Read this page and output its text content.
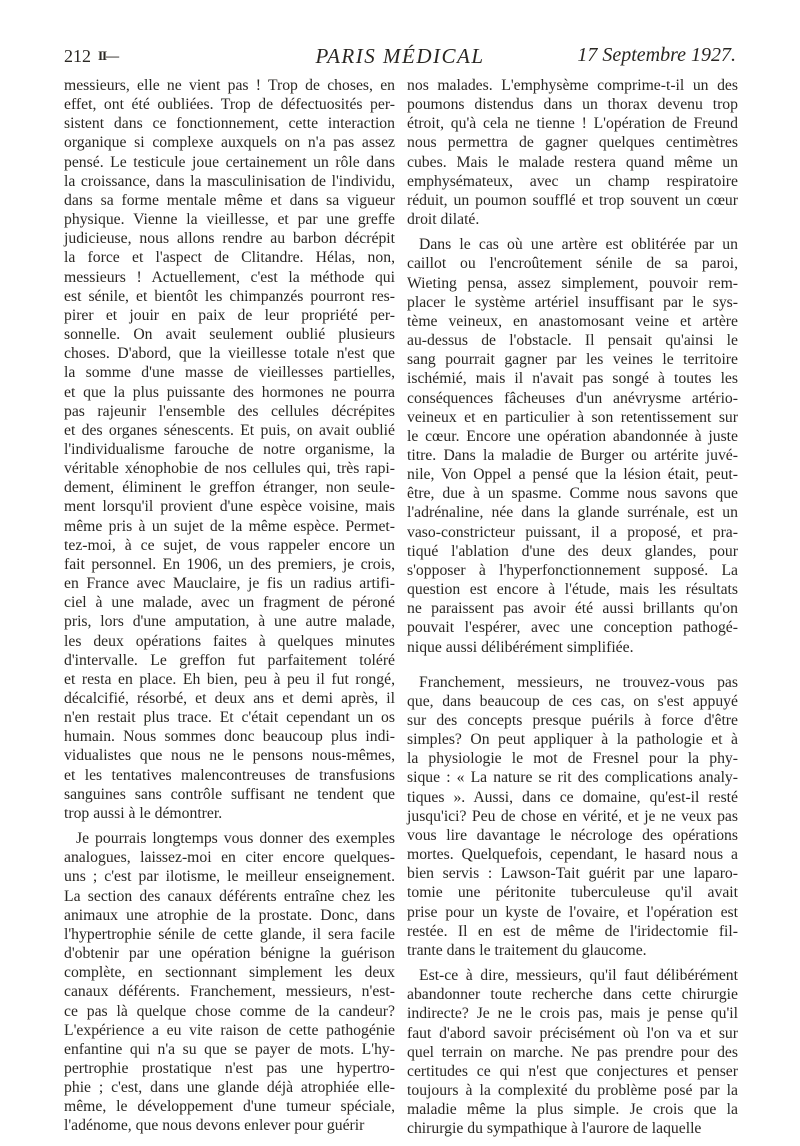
212 II—	PARIS MÉDICAL	17 Septembre 1927.

messieurs, elle ne vient pas ! Trop de choses, en
effet, ont été oubliées. Trop de défectuosités per-
sistent dans ce fonctionnement, cette interaction
organique si complexe auxquels on n'a pas assez
pensé. Le testicule joue certainement un rôle dans
la croissance, dans la masculinisation de l'individu,
dans sa forme mentale même et dans sa vigueur
physique. Vienne la vieillesse, et par une greffe
judicieuse, nous allons rendre au barbon décrépit
la force et l'aspect de Clitandre. Hélas, non,
messieurs ! Actuellement, c'est la méthode qui
est sénile, et bientôt les chimpanzés pourront res-
pirer et jouir en paix de leur propriété per-
sonnelle. On avait seulement oublié plusieurs
choses. D'abord, que la vieillesse totale n'est que
la somme d'une masse de vieillesses partielles,
et que la plus puissante des hormones ne pourra
pas rajeunir l'ensemble des cellules décrépites
et des organes sénescents. Et puis, on avait oublié
l'individualisme farouche de notre organisme, la
véritable xénophobie de nos cellules qui, très rapi-
dement, éliminent le greffon étranger, non seule-
ment lorsqu'il provient d'une espèce voisine, mais
même pris à un sujet de la même espèce. Permet-
tez-moi, à ce sujet, de vous rappeler encore un
fait personnel. En 1906, un des premiers, je crois,
en France avec Mauclaire, je fis un radius artifi-
ciel à une malade, avec un fragment de péroné
pris, lors d'une amputation, à une autre malade,
les deux opérations faites à quelques minutes
d'intervalle. Le greffon fut parfaitement toléré
et resta en place. Eh bien, peu à peu il fut rongé,
décalcifié, résorbé, et deux ans et demi après, il
n'en restait plus trace. Et c'était cependant un os
humain. Nous sommes donc beaucoup plus indi-
vidualistes que nous ne le pensons nous-mêmes,
et les tentatives malencontreuses de transfusions
sanguines sans contrôle suffisant ne tendent que
trop aussi à le démontrer.

Je pourrais longtemps vous donner des exemples
analogues, laissez-moi en citer encore quelques-
uns ; c'est par ilotisme, le meilleur enseignement.
La section des canaux déférents entraîne chez les
animaux une atrophie de la prostate. Donc, dans
l'hypertrophie sénile de cette glande, il sera facile
d'obtenir par une opération bénigne la guérison
complète, en sectionnant simplement les deux
canaux déférents. Franchement, messieurs, n'est-
ce pas là quelque chose comme de la candeur?
L'expérience a eu vite raison de cette pathogénie
enfantine qui n'a su que se payer de mots. L'hy-
pertrophie prostatique n'est pas une hypertro-
phie ; c'est, dans une glande déjà atrophiée elle-
même, le développement d'une tumeur spéciale,
l'adénome, que nous devons enlever pour guérir

nos malades. L'emphysème comprime-t-il un des
poumons distendus dans un thorax devenu trop
étroit, qu'à cela ne tienne ! L'opération de Freund
nous permettra de gagner quelques centimètres
cubes. Mais le malade restera quand même un
emphysémateux, avec un champ respiratoire
réduit, un poumon soufflé et trop souvent un cœur
droit dilaté.

Dans le cas où une artère est oblitérée par un
caillot ou l'encroûtement sénile de sa paroi,
Wieting pensa, assez simplement, pouvoir rem-
placer le système artériel insuffisant par le sys-
tème veineux, en anastomosant veine et artère
au-dessus de l'obstacle. Il pensait qu'ainsi le
sang pourrait gagner par les veines le territoire
ischémié, mais il n'avait pas songé à toutes les
conséquences fâcheuses d'un anévrysme artério-
veineux et en particulier à son retentissement sur
le cœur. Encore une opération abandonnée à juste
titre. Dans la maladie de Burger ou artérite juvé-
nile, Von Oppel a pensé que la lésion était, peut-
être, due à un spasme. Comme nous savons que
l'adrénaline, née dans la glande surrénale, est un
vaso-constricteur puissant, il a proposé, et pra-
tiqué l'ablation d'une des deux glandes, pour
s'opposer à l'hyperfonctionnement supposé. La
question est encore à l'étude, mais les résultats
ne paraissent pas avoir été aussi brillants qu'on
pouvait l'espérer, avec une conception pathogé-
nique aussi délibérément simplifiée.

Franchement, messieurs, ne trouvez-vous pas
que, dans beaucoup de ces cas, on s'est appuyé
sur des concepts presque puérils à force d'être
simples? On peut appliquer à la pathologie et à
la physiologie le mot de Fresnel pour la phy-
sique : « La nature se rit des complications analy-
tiques ». Aussi, dans ce domaine, qu'est-il resté
jusqu'ici? Peu de chose en vérité, et je ne veux pas
vous lire davantage le nécrologe des opérations
mortes. Quelquefois, cependant, le hasard nous a
bien servis : Lawson-Tait guérit par une laparo-
tomie une péritonite tuberculeuse qu'il avait
prise pour un kyste de l'ovaire, et l'opération est
restée. Il en est de même de l'iridectomie fil-
trante dans le traitement du glaucome.

Est-ce à dire, messieurs, qu'il faut délibérément
abandonner toute recherche dans cette chirurgie
indirecte? Je ne le crois pas, mais je pense qu'il
faut d'abord savoir précisément où l'on va et sur
quel terrain on marche. Ne pas prendre pour des
certitudes ce qui n'est que conjectures et penser
toujours à la complexité du problème posé par la
maladie même la plus simple. Je crois que la
chirurgie du sympathique à l'aurore de laquelle
